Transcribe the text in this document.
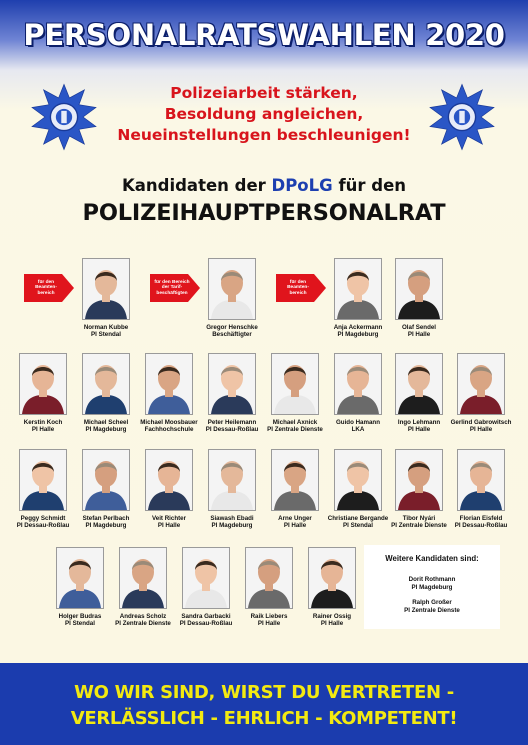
PERSONALRATSWAHLEN 2020
Polizeiarbeit stärken,
Besoldung angleichen,
Neueinstellungen beschleunigen!
Kandidaten der DPoLG für den
POLIZEIHAUPTPERSONALRAT
für den Beamten-bereich
für den Bereich der Tarif-beschäftigten
für den Beamten-bereich
Norman Kubbe
PI Stendal
Gregor Henschke
Beschäftigter
Anja Ackermann
PI Magdeburg
Olaf Sendel
PI Halle
Kerstin Koch
PI Halle
Michael Scheel
PI Magdeburg
Michael Moosbauer
Fachhochschule
Peter Heilemann
PI Dessau-Roßlau
Michael Axnick
PI Zentrale Dienste
Guido Hamann
LKA
Ingo Lehmann
PI Halle
Gerlind Gabrowitsch
PI Halle
Peggy Schmidt
PI Dessau-Roßlau
Stefan Perlbach
PI Magdeburg
Veit Richter
PI Halle
Siawash Ebadi
PI Magdeburg
Arne Unger
PI Halle
Christiane Bergande
PI Stendal
Tibor Nyári
PI Zentrale Dienste
Florian Eisfeld
PI Dessau-Roßlau
Holger Budras
PI Stendal
Andreas Scholz
PI Zentrale Dienste
Sandra Garbacki
PI Dessau-Roßlau
Raik Liebers
PI Halle
Rainer Ossig
PI Halle
Weitere Kandidaten sind:
Dorit Rothmann
PI Magdeburg
Ralph Großer
PI Zentrale Dienste
WO WIR SIND, WIRST DU VERTRETEN -
VERLÄSSLICH - EHRLICH - KOMPETENT!
